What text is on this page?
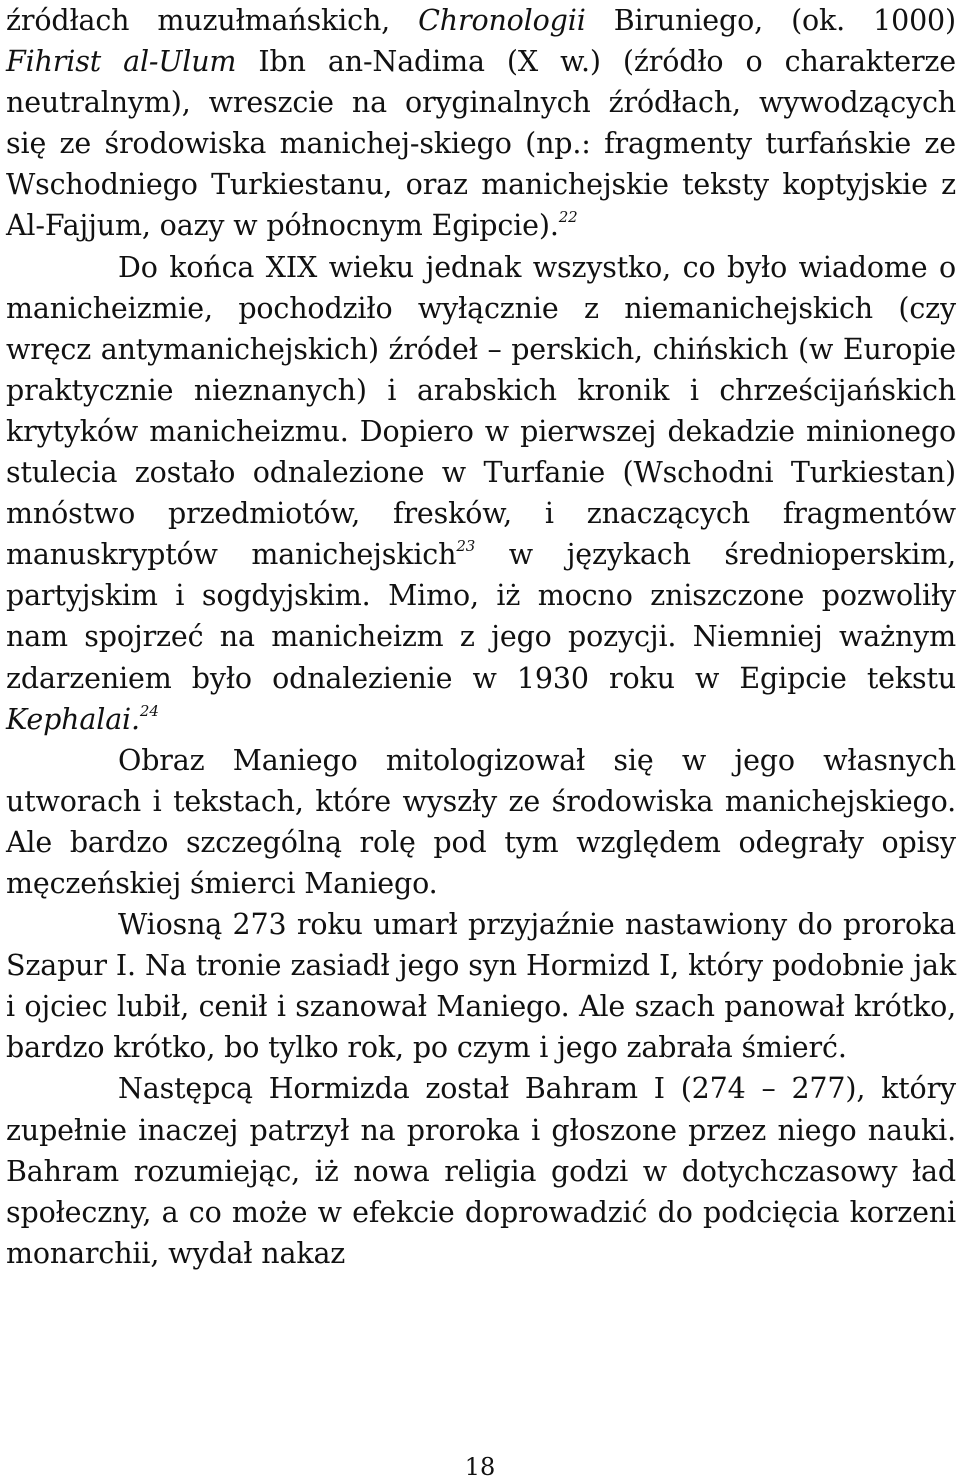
źródłach muzułmańskich, Chronologii Biruniego, (ok. 1000) Fihrist al-Ulum Ibn an-Nadima (X w.) (źródło o charakterze neutralnym), wreszcie na oryginalnych źródłach, wywodzących się ze środowiska manichej-skiego (np.: fragmenty turfańskie ze Wschodniego Turkiestanu, oraz manichejskie teksty koptyjskie z Al-Fajjum, oazy w północnym Egipcie).$^{22}$

Do końca XIX wieku jednak wszystko, co było wiadome o manicheizmie, pochodziło wyłącznie z niemanichejskich (czy wręcz antymanichejskich) źródeł – perskich, chińskich (w Europie praktycznie nieznanych) i arabskich kronik i chrześcijańskich krytyków manicheizmu. Dopiero w pierwszej dekadzie minionego stulecia zostało odnalezione w Turfanie (Wschodni Turkiestan) mnóstwo przedmiotów, fresków, i znaczących fragmentów manuskryptów manichejskich$^{23}$ w językach średnioperskim, partyjskim i sogdyjskim. Mimo, iż mocno zniszczone pozwoliły nam spojrzeć na manicheizm z jego pozycji. Niemniej ważnym zdarzeniem było odnalezienie w 1930 roku w Egipcie tekstu Kephalai.$^{24}$

Obraz Maniego mitologizował się w jego własnych utworach i tekstach, które wyszły ze środowiska manichejskiego. Ale bardzo szczególną rolę pod tym względem odegrały opisy męczeńskiej śmierci Maniego.

Wiosną 273 roku umarł przyjaźnie nastawiony do proroka Szapur I. Na tronie zasiadł jego syn Hormizd I, który podobnie jak i ojciec lubił, cenił i szanował Maniego. Ale szach panował krótko, bardzo krótko, bo tylko rok, po czym i jego zabrała śmierć.

Następcą Hormizda został Bahram I (274 – 277), który zupełnie inaczej patrzył na proroka i głoszone przez niego nauki. Bahram rozumiejąc, iż nowa religia godzi w dotychczasowy ład społeczny, a co może w efekcie doprowadzić do podcięcia korzeni monarchii, wydał nakaz

18
